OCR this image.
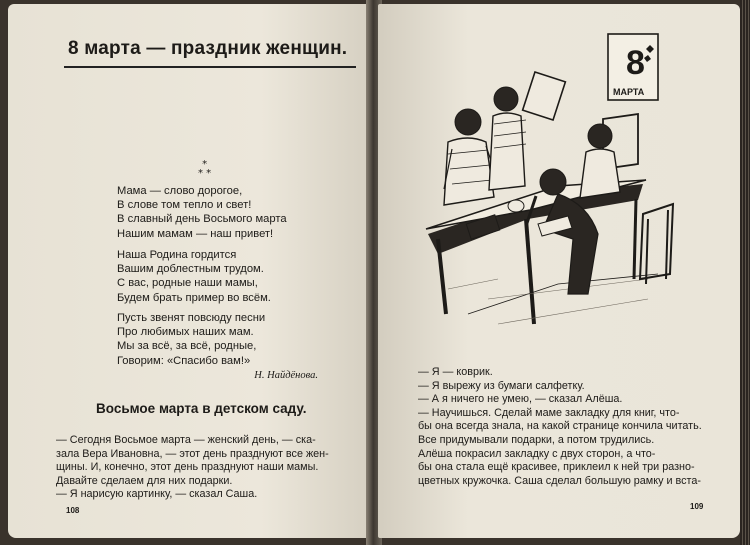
8 марта — праздник женщин.
*
* *
Мама — слово дорогое,
В слове том тепло и свет!
В славный день Восьмого марта
Нашим мамам — наш привет!
Наша Родина гордится
Вашим доблестным трудом.
С вас, родные наши мамы,
Будем брать пример во всём.
Пусть звенят повсюду песни
Про любимых наших мам.
Мы за всё, за всё, родные,
Говорим: «Спасибо вам!»
Н. Найдёнова.
Восьмое марта в детском саду.
— Сегодня Восьмое марта — женский день, — ска-
зала Вера Ивановна, — этот день празднуют все жен-
щины. И, конечно, этот день празднуют наши мамы.
Давайте сделаем для них подарки.
— Я нарисую картинку, — сказал Саша.
108
8
МАРТА
— Я — коврик.
— Я вырежу из бумаги салфетку.
— А я ничего не умею, — сказал Алёша.
— Научишься. Сделай маме закладку для книг, что-
бы она всегда знала, на какой странице кончила читать.
Все придумывали подарки, а потом трудились.
Алёша покрасил закладку с двух сторон, а что-
бы она стала ещё красивее, приклеил к ней три разно-
цветных кружочка. Саша сделал большую рамку и вста-
109
